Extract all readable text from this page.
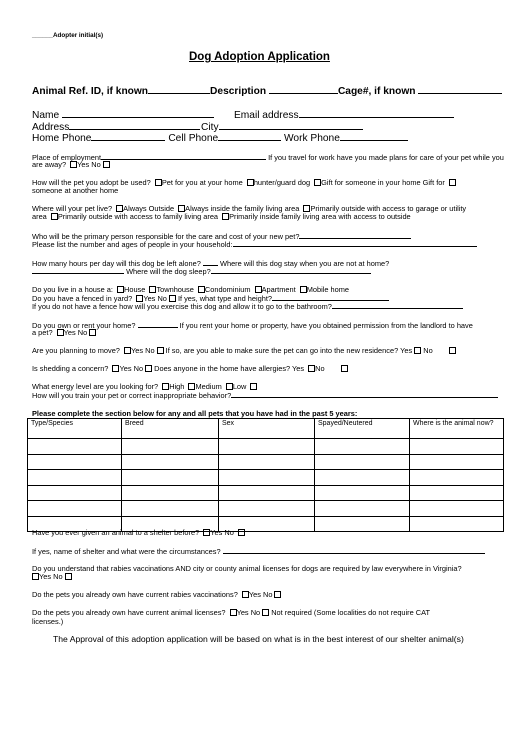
______Adopter initial(s)
Dog Adoption Application
Animal Ref. ID, if known	Description	Cage#, if known
Name	Email address
Address	City
Home Phone	Cell Phone	Work Phone
Place of employment	If you travel for work have you made plans for care of your pet while you
are away? Yes No
How will the pet you adopt be used? Pet for you at your home hunter/guard dog Gift for someone in your home Gift for
someone at another home
Where will your pet live? Always Outside Always inside the family living area Primarily outside with access to garage or utility
area Primarily outside with access to family living area Primarily inside family living area with access to outside
Who will be the primary person responsible for the care and cost of your new pet?
Please list the number and ages of people in your household:
How many hours per day will this dog be left alone?	Where will this dog stay when you are not at home?
Where will the dog sleep?
Do you live in a house a: House Townhouse Condominium Apartment Mobile home
Do you have a fenced in yard? Yes No If yes, what type and height?
If you do not have a fence how will you exercise this dog and allow it to go to the bathroom?
Do you own or rent your home?	If you rent your home or property, have you obtained permission from the landlord to have
a pet? Yes No
Are you planning to move? Yes No If so, are you able to make sure the pet can go into the new residence? Yes No
Is shedding a concern? Yes No Does anyone in the home have allergies? Yes No
What energy level are you looking for? High Medium Low
How will you train your pet or correct inappropriate behavior?
Please complete the section below for any and all pets that you have had in the past 5 years:
Type/Species	Breed	Sex	Spayed/Neutered	Where is the animal now?

Have you ever given an animal to a shelter before? Yes No
If yes, name of shelter and what were the circumstances?
Do you understand that rabies vaccinations AND city or county animal licenses for dogs are required by law everywhere in Virginia?
Yes No
Do the pets you already own have current rabies vaccinations? Yes No
Do the pets you already own have current animal licenses? Yes No Not required (Some localities do not require CAT
licenses.)
The Approval of this adoption application will be based on what is in the best interest of our shelter animal(s)
